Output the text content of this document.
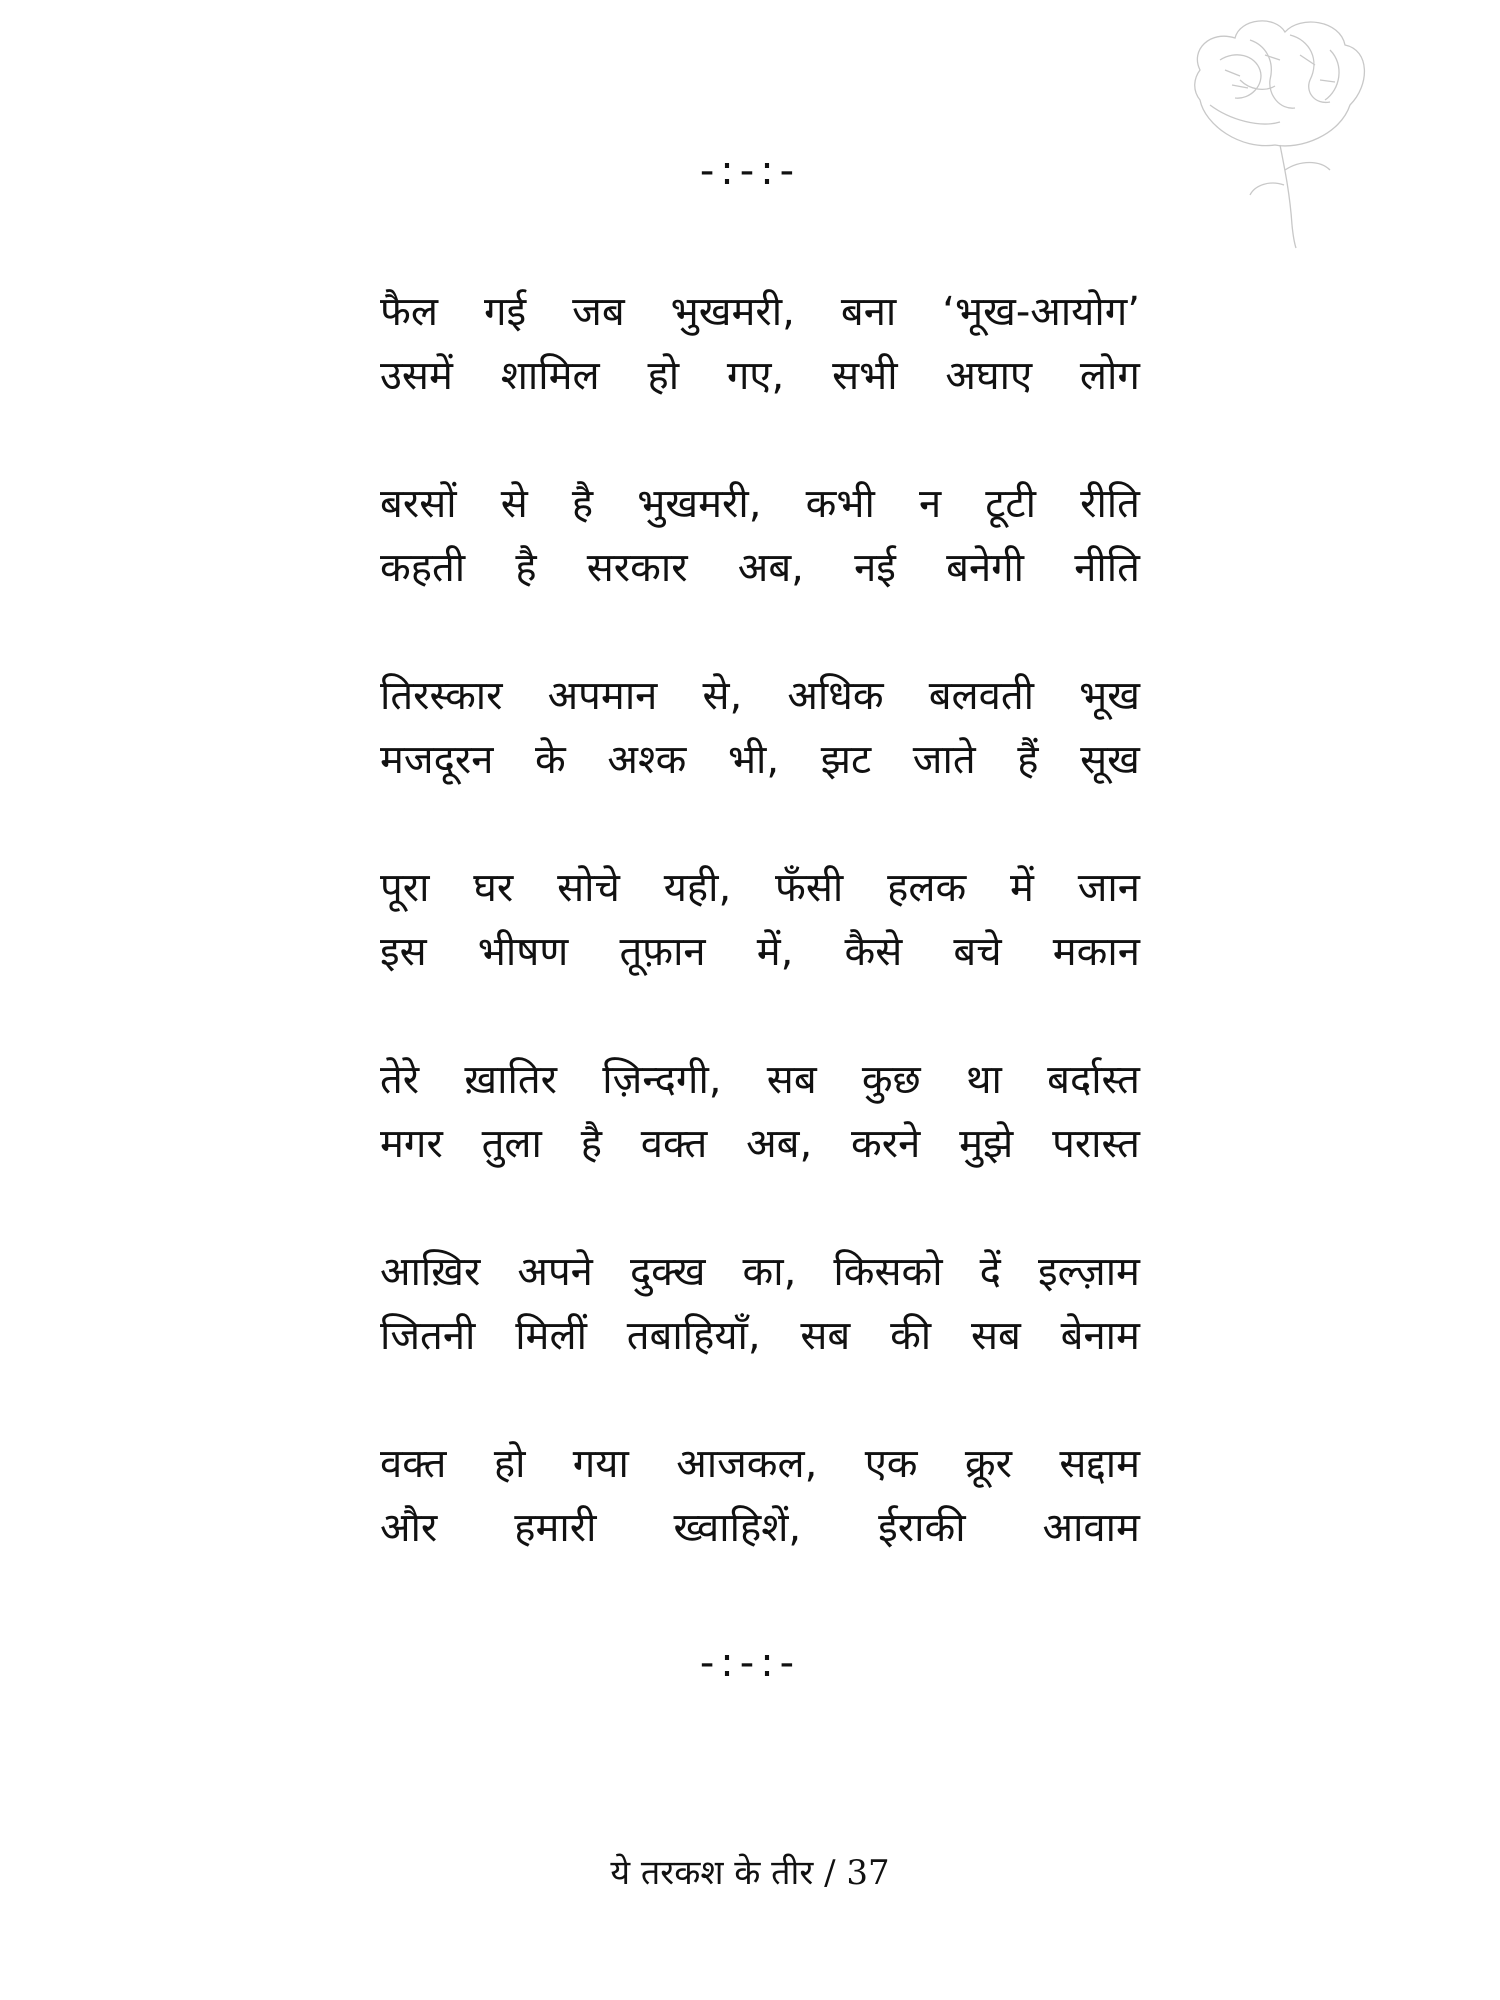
-:-:-
फैल गई जब भुखमरी, बना ‘भूख-आयोग’
उसमें शामिल हो गए, सभी अघाए लोग
बरसों से है भुखमरी, कभी न टूटी रीति
कहती है सरकार अब, नई बनेगी नीति
तिरस्कार अपमान से, अधिक बलवती भूख
मजदूरन के अश्क भी, झट जाते हैं सूख
पूरा घर सोचे यही, फँसी हलक में जान
इस भीषण तूफ़ान में, कैसे बचे मकान
तेरे ख़ातिर ज़िन्दगी, सब कुछ था बर्दास्त
मगर तुला है वक्त अब, करने मुझे परास्त
आख़िर अपने दुक्ख का, किसको दें इल्ज़ाम
जितनी मिलीं तबाहियाँ, सब की सब बेनाम
वक्त हो गया आजकल, एक क्रूर सद्दाम
और हमारी ख्वाहिशें, ईराकी आवाम
-:-:-
ये तरकश के तीर / 37
